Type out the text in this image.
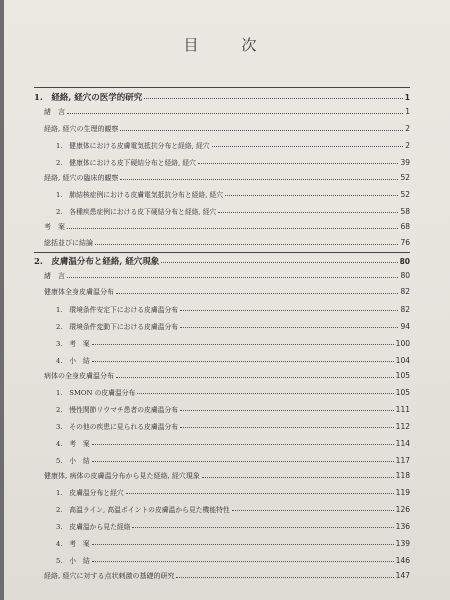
目　次
1.　経絡, 経穴の医学的研究	1
緒　言	1
経絡, 経穴の生理的観察	2
1.　健康体における皮膚電気抵抗分布と経絡, 経穴	2
2.　健康体における皮下硬結分布と経絡, 経穴	39
経絡, 経穴の臨床的観察	52
1.　肺結核症例における皮膚電気抵抗分布と経絡, 経穴	52
2.　各種疾患症例における皮下硬結分布と経絡, 経穴	58
考　案	68
総括並びに結論	76
2.　皮膚温分布と経絡, 経穴現象	80
緒　言	80
健康体全身皮膚温分布	82
1.　環境条件安定下における皮膚温分布	82
2.　環境条件変動下における皮膚温分布	94
3.　考　案	100
4.　小　結	104
病体の全身皮膚温分布	105
1.　SMON の皮膚温分布	105
2.　慢性関節リウマチ患者の皮膚温分布	111
3.　その他の疾患に見られる皮膚温分布	112
4.　考　案	114
5.　小　結	117
健康体, 病体の皮膚温分布から見た経絡, 経穴現象	118
1.　皮膚温分布と経穴	119
2.　高温ライン, 高温ポイントの皮膚温から見た機能特性	126
3.　皮膚温から見た経絡	136
4.　考　案	139
5.　小　結	146
経絡, 経穴に対する点状刺激の基礎的研究	147
